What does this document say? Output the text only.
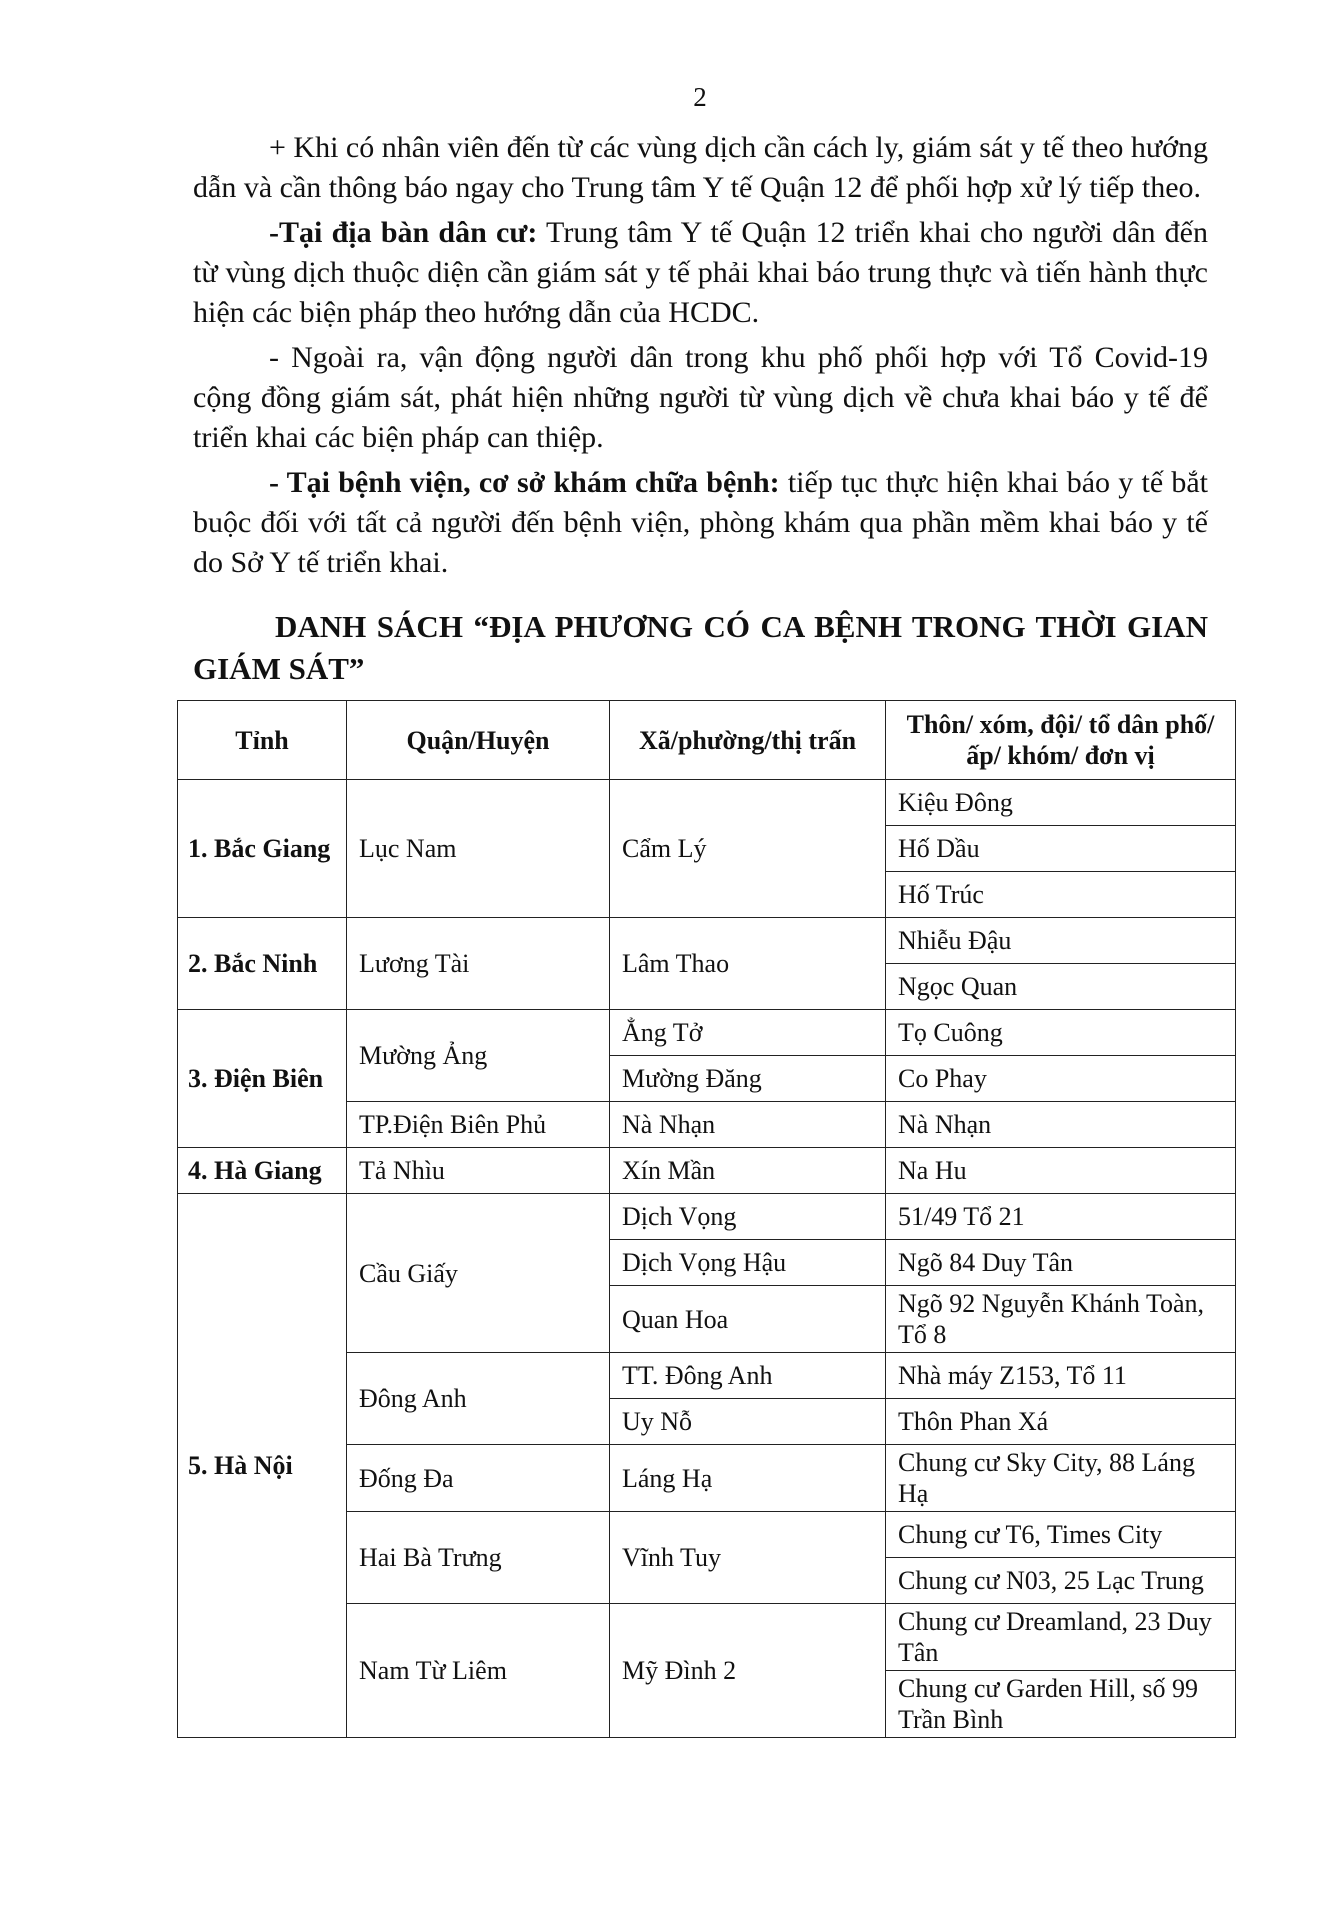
2

+ Khi có nhân viên đến từ các vùng dịch cần cách ly, giám sát y tế theo hướng dẫn và cần thông báo ngay cho Trung tâm Y tế Quận 12 để phối hợp xử lý tiếp theo.

-Tại địa bàn dân cư: Trung tâm Y tế Quận 12 triển khai cho người dân đến từ vùng dịch thuộc diện cần giám sát y tế phải khai báo trung thực và tiến hành thực hiện các biện pháp theo hướng dẫn của HCDC.

- Ngoài ra, vận động người dân trong khu phố phối hợp với Tổ Covid-19 cộng đồng giám sát, phát hiện những người từ vùng dịch về chưa khai báo y tế để triển khai các biện pháp can thiệp.

- Tại bệnh viện, cơ sở khám chữa bệnh: tiếp tục thực hiện khai báo y tế bắt buộc đối với tất cả người đến bệnh viện, phòng khám qua phần mềm khai báo y tế do Sở Y tế triển khai.

DANH SÁCH “ĐỊA PHƯƠNG CÓ CA BỆNH TRONG THỜI GIAN GIÁM SÁT”

Tỉnh	Quận/Huyện	Xã/phường/thị trấn	Thôn/ xóm, đội/ tổ dân phố/ ấp/ khóm/ đơn vị
1. Bắc Giang	Lục Nam	Cẩm Lý	Kiệu Đông
			Hố Dầu
			Hố Trúc
2. Bắc Ninh	Lương Tài	Lâm Thao	Nhiễu Đậu
			Ngọc Quan
3. Điện Biên	Mường Ảng	Ẳng Tở	Tọ Cuông
		Mường Đăng	Co Phay
	TP.Điện Biên Phủ	Nà Nhạn	Nà Nhạn
4. Hà Giang	Tả Nhìu	Xín Mần	Na Hu
5. Hà Nội	Cầu Giấy	Dịch Vọng	51/49 Tổ 21
		Dịch Vọng Hậu	Ngõ 84 Duy Tân
		Quan Hoa	Ngõ 92 Nguyễn Khánh Toàn, Tổ 8
	Đông Anh	TT. Đông Anh	Nhà máy Z153, Tổ 11
		Uy Nỗ	Thôn Phan Xá
	Đống Đa	Láng Hạ	Chung cư Sky City, 88 Láng Hạ
	Hai Bà Trưng	Vĩnh Tuy	Chung cư T6, Times City
			Chung cư N03, 25 Lạc Trung
	Nam Từ Liêm	Mỹ Đình 2	Chung cư Dreamland, 23 Duy Tân
			Chung cư Garden Hill, số 99 Trần Bình
